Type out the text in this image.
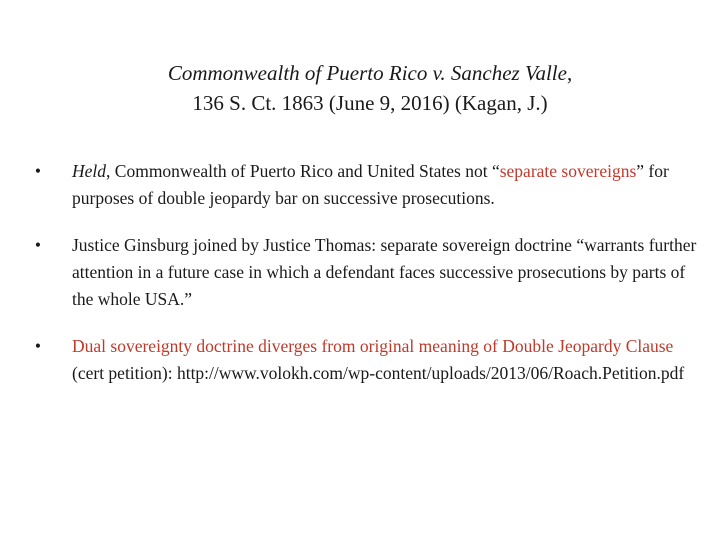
Commonwealth of Puerto Rico v. Sanchez Valle,
136 S. Ct. 1863 (June 9, 2016) (Kagan, J.)
•	Held, Commonwealth of Puerto Rico and United States not “separate sovereigns” for purposes of double jeopardy bar on successive prosecutions.
•	Justice Ginsburg joined by Justice Thomas: separate sovereign doctrine “warrants further attention in a future case in which a defendant faces successive prosecutions by parts of the whole USA.”
•	Dual sovereignty doctrine diverges from original meaning of Double Jeopardy Clause (cert petition): http://www.volokh.com/wp-content/uploads/2013/06/Roach.Petition.pdf
